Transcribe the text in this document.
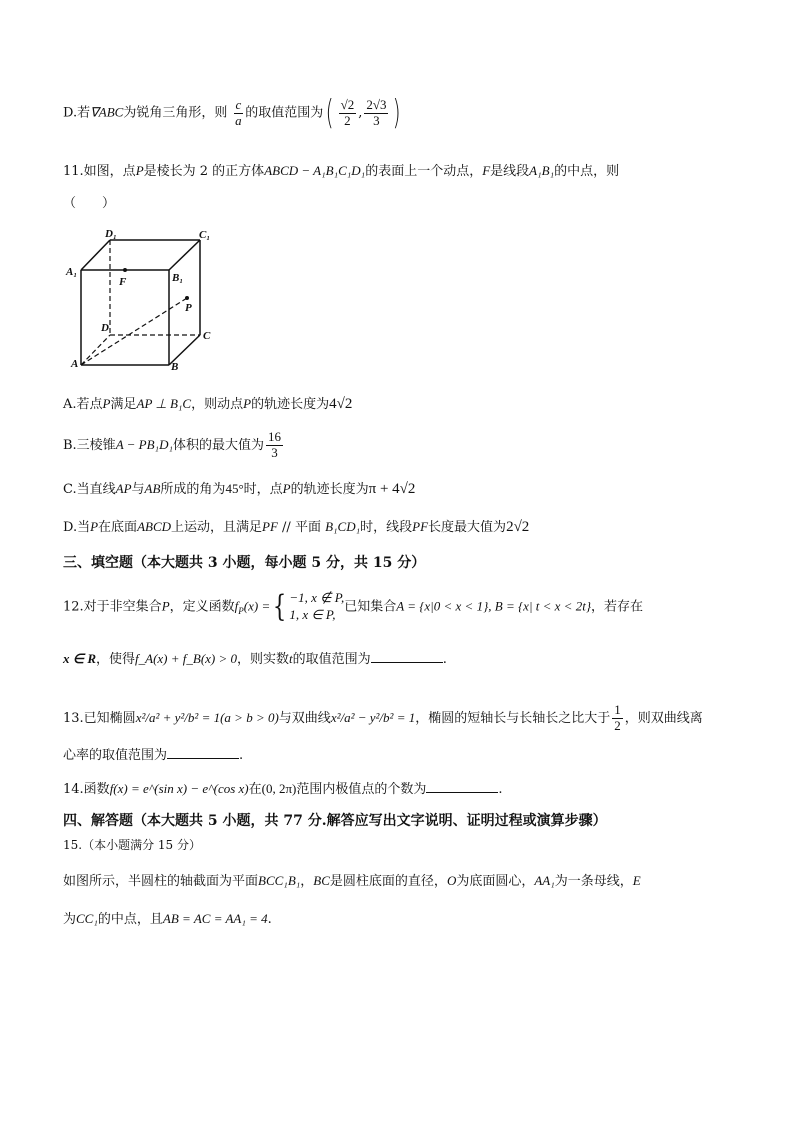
D.若∇ABC为锐角三角形，则 $\frac{c}{a}$ 的取值范围为( $\frac{√2}{2}$ , $\frac{2√3}{3}$ )
11.如图，点P是棱长为 2 的正方体ABCD − A₁B₁C₁D₁的表面上一个动点，F是线段A₁B₁的中点，则
（　　）
D₁	C₁
A₁	B₁
F
P
D
C
A	B
A.若点P满足AP ⊥ B₁C，则动点P的轨迹长度为4√2
B.三棱锥A − PB₁D₁体积的最大值为 $\frac{16}{3}$
C.当直线AP与AB所成的角为45°时，点P的轨迹长度为π + 4√2
D.当P在底面ABCD上运动，且满足PF // 平面 B₁CD₁时，线段PF长度最大值为2√2
三、填空题（本大题共 3 小题，每小题 5 分，共 15 分）
12.对于非空集合P，定义函数$f_P(x)$ ={ −1, x ∉ P,
1, x ∈ P, 已知集合A = {x|0 < x < 1}, B = {x| t < x < 2t}，若存在
x ∈ R，使得f_A(x) + f_B(x) > 0，则实数t的取值范围为	.
13.已知椭圆x²/a² + y²/b² = 1(a > b > 0)与双曲线x²/a² − y²/b² = 1，椭圆的短轴长与长轴长之比大于 $\frac{1}{2}$ ，则双曲线离
心率的取值范围为	.
14.函数f(x) = e^(sin x) − e^(cos x)在(0, 2π)范围内极值点的个数为	.
四、解答题（本大题共 5 小题，共 77 分.解答应写出文字说明、证明过程或演算步骤）
15.（本小题满分 15 分）
如图所示，半圆柱的轴截面为平面BCC₁B₁，BC是圆柱底面的直径，O为底面圆心，AA₁为一条母线，E
为CC₁的中点，且AB = AC = AA₁ = 4.
